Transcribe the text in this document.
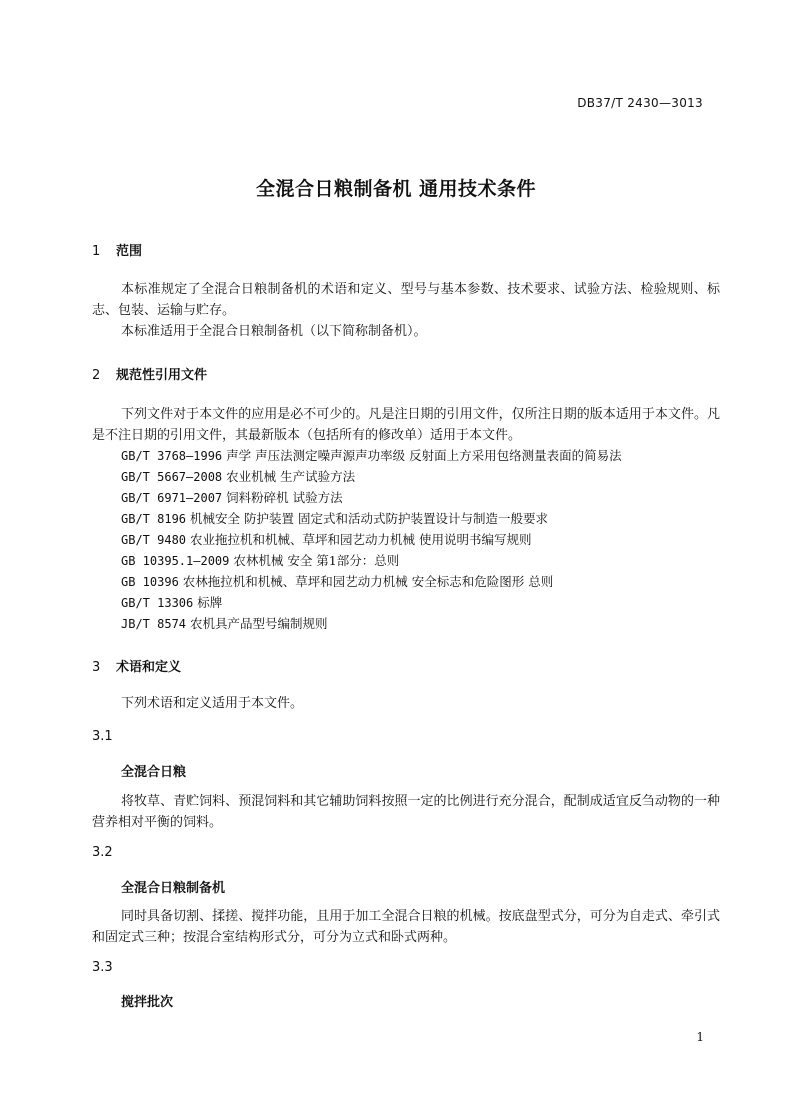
DB37/T 2430—3013
全混合日粮制备机 通用技术条件
1 范围
本标准规定了全混合日粮制备机的术语和定义、型号与基本参数、技术要求、试验方法、检验规则、标志、包装、运输与贮存。
本标准适用于全混合日粮制备机（以下简称制备机）。
2 规范性引用文件
下列文件对于本文件的应用是必不可少的。凡是注日期的引用文件，仅所注日期的版本适用于本文件。凡是不注日期的引用文件，其最新版本（包括所有的修改单）适用于本文件。
GB/T 3768—1996 声学 声压法测定噪声源声功率级 反射面上方采用包络测量表面的简易法
GB/T 5667—2008 农业机械 生产试验方法
GB/T 6971—2007 饲料粉碎机 试验方法
GB/T 8196 机械安全 防护装置 固定式和活动式防护装置设计与制造一般要求
GB/T 9480 农业拖拉机和机械、草坪和园艺动力机械 使用说明书编写规则
GB 10395.1—2009 农林机械 安全 第1部分：总则
GB 10396 农林拖拉机和机械、草坪和园艺动力机械 安全标志和危险图形 总则
GB/T 13306 标牌
JB/T 8574 农机具产品型号编制规则
3 术语和定义
下列术语和定义适用于本文件。
3.1
全混合日粮
将牧草、青贮饲料、预混饲料和其它辅助饲料按照一定的比例进行充分混合，配制成适宜反刍动物的一种营养相对平衡的饲料。
3.2
全混合日粮制备机
同时具备切割、揉搓、搅拌功能，且用于加工全混合日粮的机械。按底盘型式分，可分为自走式、牵引式和固定式三种；按混合室结构形式分，可分为立式和卧式两种。
3.3
搅拌批次
1
